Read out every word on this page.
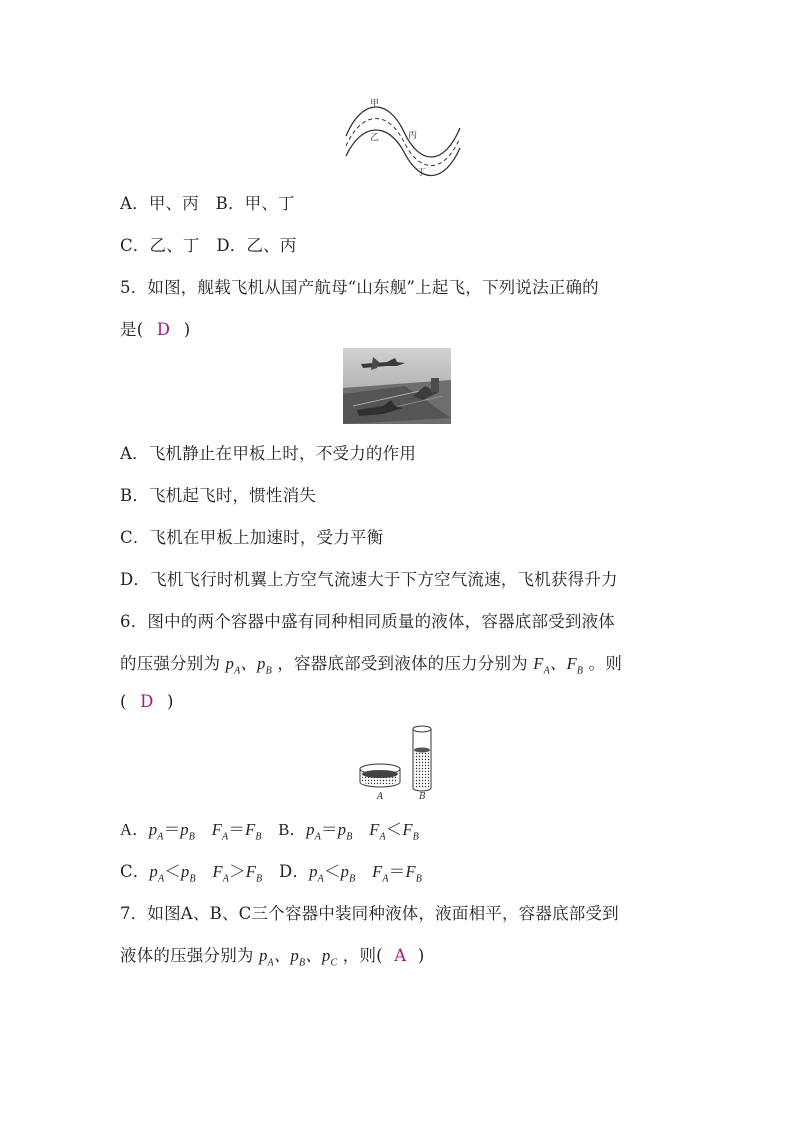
甲
乙	丙
丁
A．甲、丙　B．甲、丁
C．乙、丁　D．乙、丙
5．如图，舰载飞机从国产航母“山东舰”上起飞，下列说法正确的
是( D )
A．飞机静止在甲板上时，不受力的作用
B．飞机起飞时，惯性消失
C．飞机在甲板上加速时，受力平衡
D．飞机飞行时机翼上方空气流速大于下方空气流速，飞机获得升力
6．图中的两个容器中盛有同种相同质量的液体，容器底部受到液体
的压强分别为 $p_A$、$p_B$ ，容器底部受到液体的压力分别为 $F_A$、$F_B$ 。则
( D )
A	B
A．$p_A=p_B$　 $F_A=F_B$　B．$p_A=p_B$　 $F_A<F_B$
C．$p_A<p_B$　 $F_A>F_B$　D．$p_A<p_B$　 $F_A=F_B$
7．如图A、B、C三个容器中装同种液体，液面相平，容器底部受到
液体的压强分别为 $p_A$、$p_B$、$p_C$ ，则( A )
